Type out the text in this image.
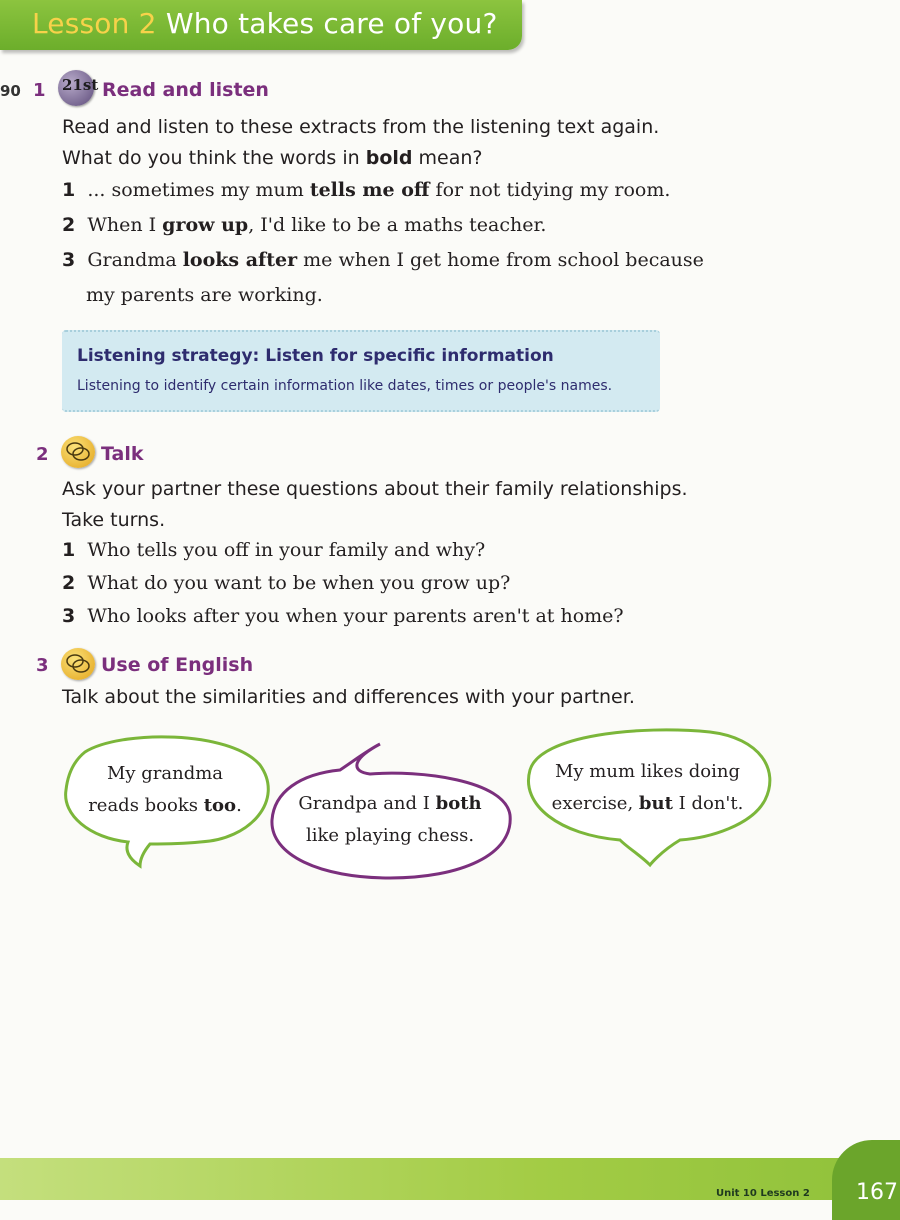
Lesson 2 Who takes care of you?
90 1 21st Read and listen
Read and listen to these extracts from the listening text again.
What do you think the words in bold mean?
1 ... sometimes my mum tells me off for not tidying my room.
2 When I grow up, I'd like to be a maths teacher.
3 Grandma looks after me when I get home from school because
my parents are working.
Listening strategy: Listen for specific information
Listening to identify certain information like dates, times or people's names.
2	Talk
Ask your partner these questions about their family relationships.
Take turns.
1 Who tells you off in your family and why?
2 What do you want to be when you grow up?
3 Who looks after you when your parents aren't at home?
3	Use of English
Talk about the similarities and differences with your partner.
My grandma
reads books too.	Grandpa and I both
like playing chess.
My mum likes doing
exercise, but I don't.
Unit 10 Lesson 2 167
